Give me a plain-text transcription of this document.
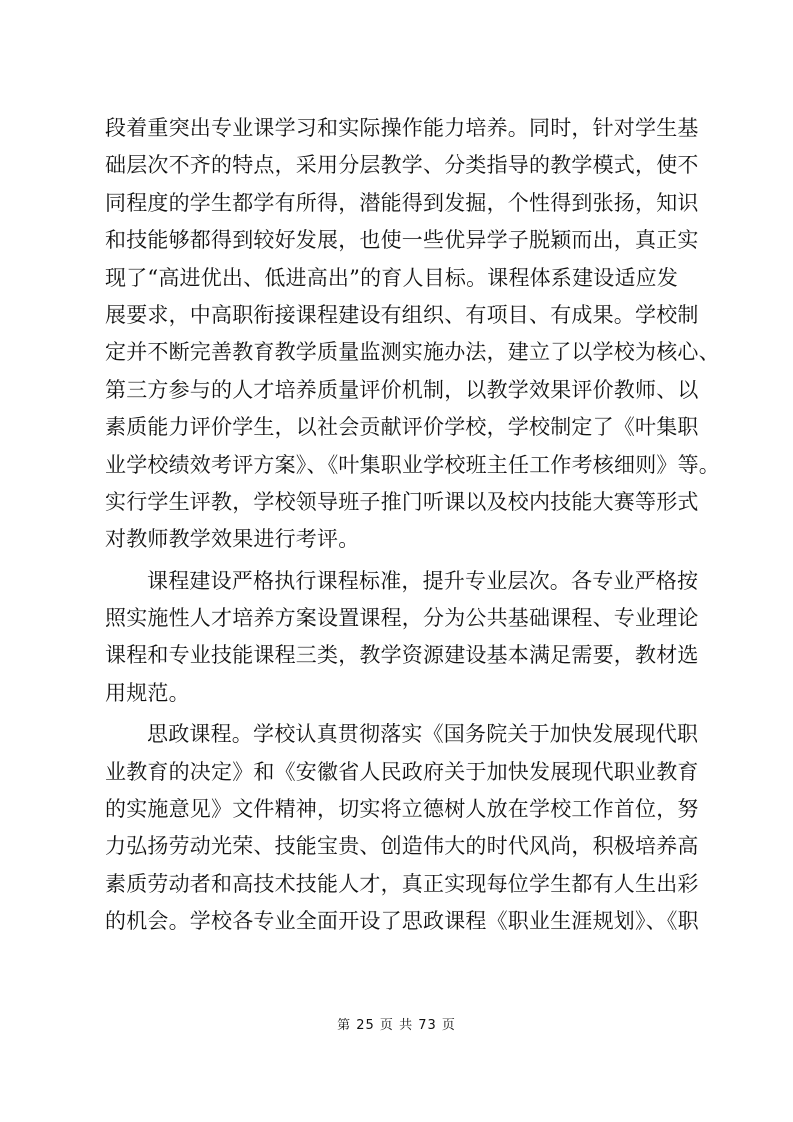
段着重突出专业课学习和实际操作能力培养。同时，针对学生基
础层次不齐的特点，采用分层教学、分类指导的教学模式，使不
同程度的学生都学有所得，潜能得到发掘，个性得到张扬，知识
和技能够都得到较好发展，也使一些优异学子脱颖而出，真正实
现了“高进优出、低进高出”的育人目标。课程体系建设适应发
展要求，中高职衔接课程建设有组织、有项目、有成果。学校制
定并不断完善教育教学质量监测实施办法，建立了以学校为核心、
第三方参与的人才培养质量评价机制，以教学效果评价教师、以
素质能力评价学生，以社会贡献评价学校，学校制定了《叶集职
业学校绩效考评方案》、《叶集职业学校班主任工作考核细则》等。
实行学生评教，学校领导班子推门听课以及校内技能大赛等形式
对教师教学效果进行考评。
课程建设严格执行课程标准，提升专业层次。各专业严格按
照实施性人才培养方案设置课程，分为公共基础课程、专业理论
课程和专业技能课程三类，教学资源建设基本满足需要，教材选
用规范。
思政课程。学校认真贯彻落实《国务院关于加快发展现代职
业教育的决定》和《安徽省人民政府关于加快发展现代职业教育
的实施意见》文件精神，切实将立德树人放在学校工作首位，努
力弘扬劳动光荣、技能宝贵、创造伟大的时代风尚，积极培养高
素质劳动者和高技术技能人才，真正实现每位学生都有人生出彩
的机会。学校各专业全面开设了思政课程《职业生涯规划》、《职
第 25 页 共 73 页
